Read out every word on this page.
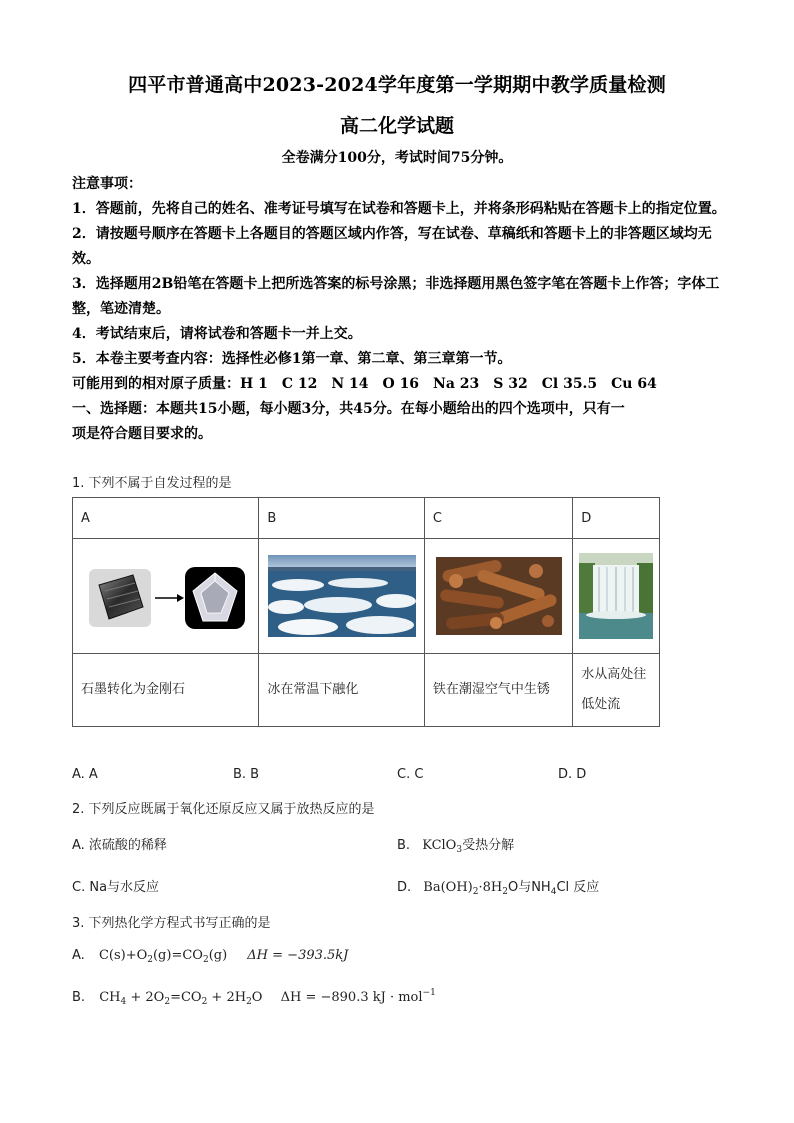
四平市普通高中2023-2024学年度第一学期期中教学质量检测
高二化学试题
全卷满分100分，考试时间75分钟。

注意事项：

1．答题前，先将自己的姓名、准考证号填写在试卷和答题卡上，并将条形码粘贴在答题卡上的指定位置。

2．请按题号顺序在答题卡上各题目的答题区域内作答，写在试卷、草稿纸和答题卡上的非答题区域均无效。

3．选择题用2B铅笔在答题卡上把所选答案的标号涂黑；非选择题用黑色签字笔在答题卡上作答；字体工整，笔迹清楚。

4．考试结束后，请将试卷和答题卡一并上交。

5．本卷主要考查内容：选择性必修1第一章、第二章、第三章第一节。

可能用到的相对原子质量：H 1　C 12　N 14　O 16　Na 23　S 32　Cl 35.5　Cu 64

一、选择题：本题共15小题，每小题3分，共45分。在每小题给出的四个选项中，只有一
项是符合题目要求的。

1. 下列不属于自发过程的是
A	B	C	D

石墨转化为金刚石	冰在常温下融化	铁在潮湿空气中生锈	水从高处往低处流
A. A	B. B	C. C	D. D
2. 下列反应既属于氧化还原反应又属于放热反应的是
A. 浓硫酸的稀释	B. KClO$_3$受热分解
C. Na与水反应	D. $Ba(OH)_2\cdot 8H_2O$与$NH_4Cl$ 反应
3. 下列热化学方程式书写正确的是
A. $C(s)+O_2(g)=CO_2(g) \Delta H = -393.5kJ$
B. $CH_4 + 2O_2=CO_2 + 2H_2O$ ΔH = −890.3 kJ · mol$^{-1}$
